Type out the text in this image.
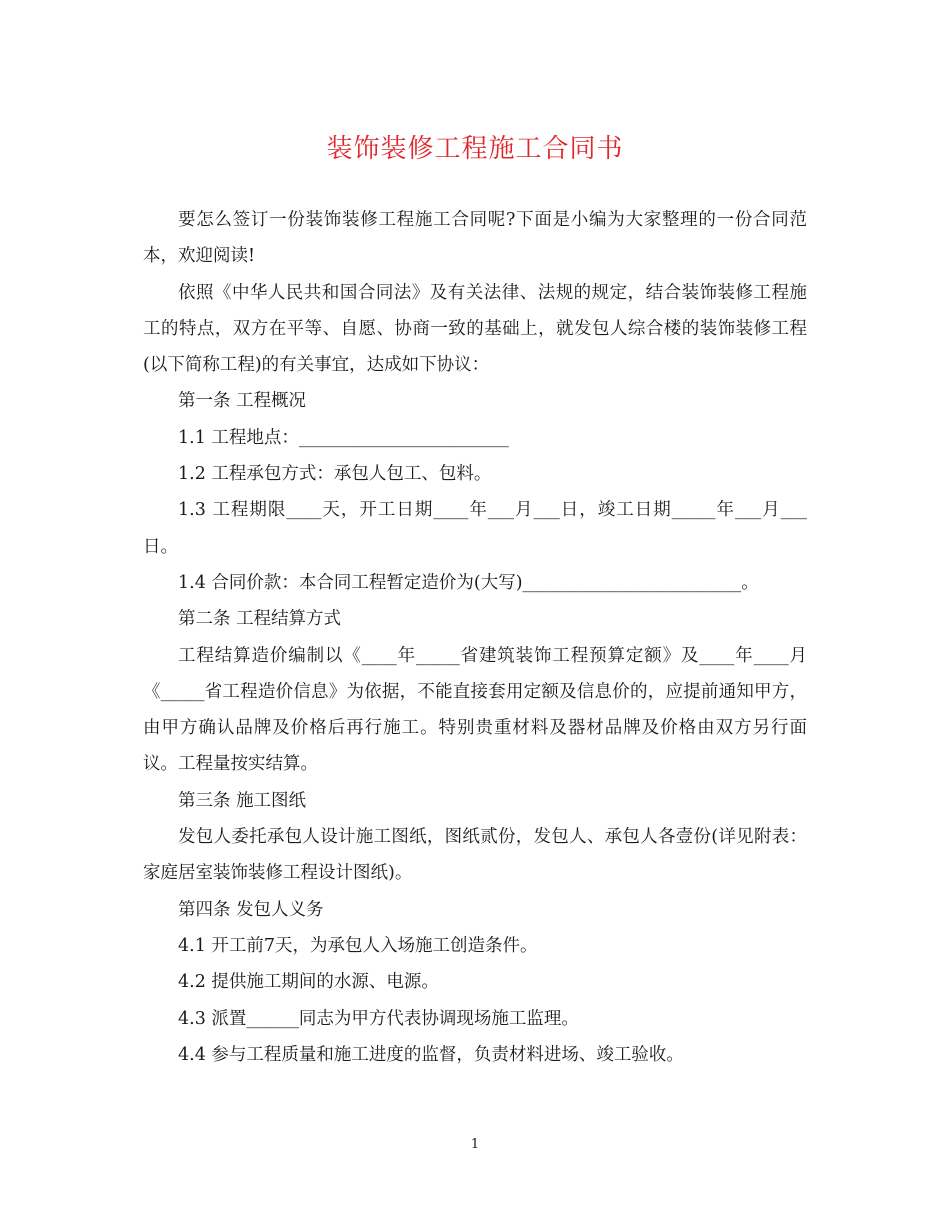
装饰装修工程施工合同书

要怎么签订一份装饰装修工程施工合同呢?下面是小编为大家整理的一份合同范本，欢迎阅读!

依照《中华人民共和国合同法》及有关法律、法规的规定，结合装饰装修工程施工的特点，双方在平等、自愿、协商一致的基础上，就发包人综合楼的装饰装修工程(以下简称工程)的有关事宜，达成如下协议：

第一条 工程概况

1.1 工程地点：________________________

1.2 工程承包方式：承包人包工、包料。

1.3 工程期限____天，开工日期____年___月___日，竣工日期_____年___月___日。

1.4 合同价款：本合同工程暂定造价为(大写)_________________________。

第二条 工程结算方式

工程结算造价编制以《____年_____省建筑装饰工程预算定额》及____年____月《_____省工程造价信息》为依据，不能直接套用定额及信息价的，应提前通知甲方，由甲方确认品牌及价格后再行施工。特别贵重材料及器材品牌及价格由双方另行面议。工程量按实结算。

第三条 施工图纸

发包人委托承包人设计施工图纸，图纸贰份，发包人、承包人各壹份(详见附表：家庭居室装饰装修工程设计图纸)。

第四条 发包人义务

4.1 开工前7天，为承包人入场施工创造条件。

4.2 提供施工期间的水源、电源。

4.3 派置______同志为甲方代表协调现场施工监理。

4.4 参与工程质量和施工进度的监督，负责材料进场、竣工验收。

1
